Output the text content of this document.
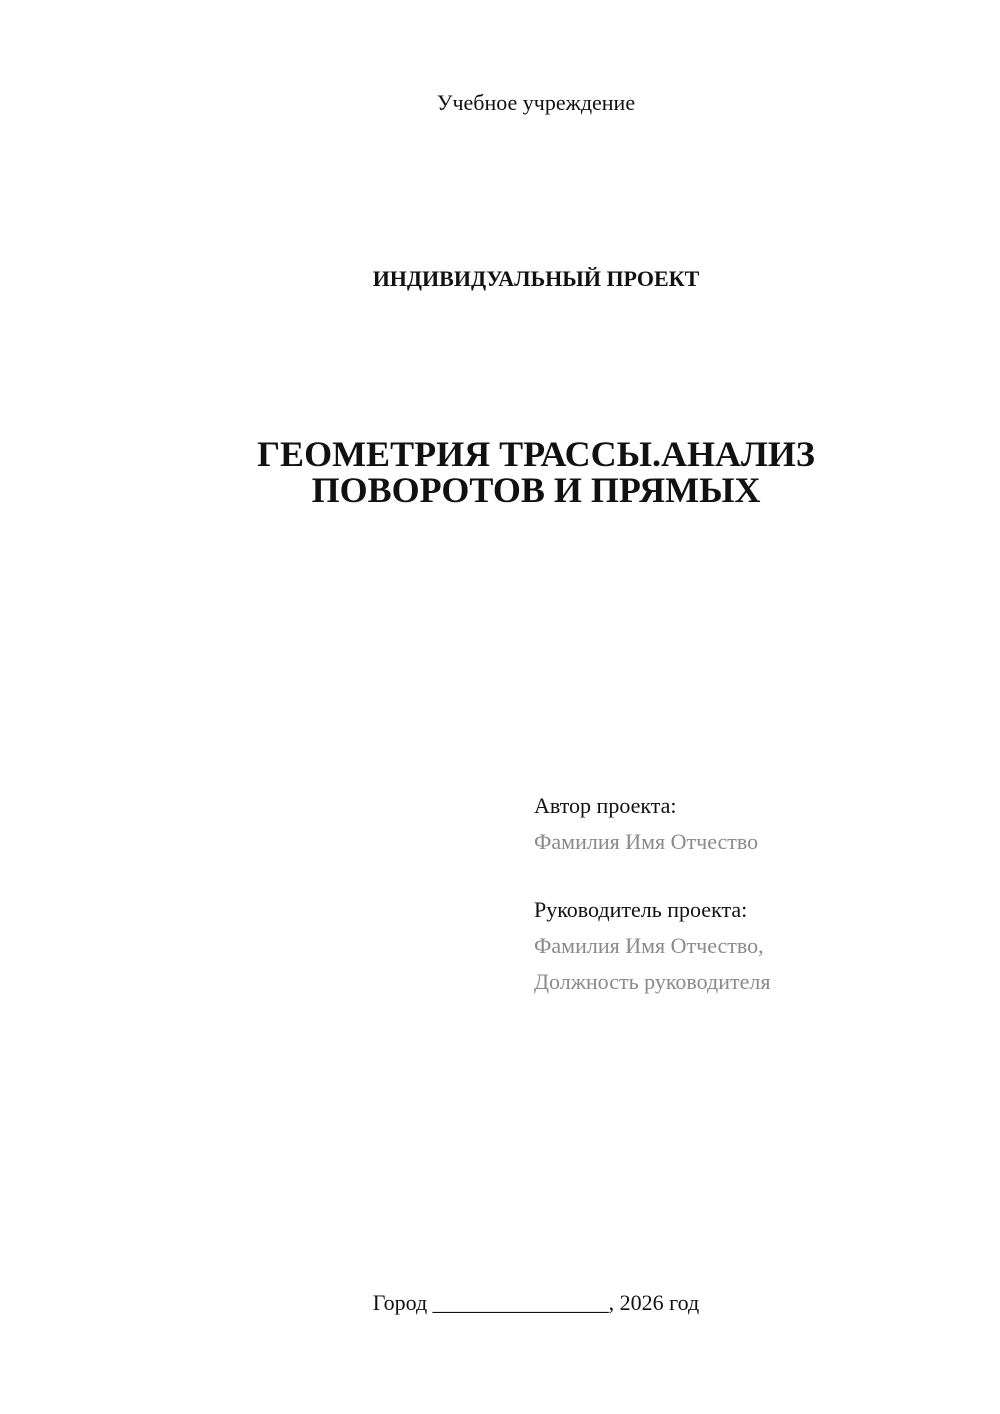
Учебное учреждение
ИНДИВИДУАЛЬНЫЙ ПРОЕКТ
ГЕОМЕТРИЯ ТРАССЫ.АНАЛИЗ
ПОВОРОТОВ И ПРЯМЫХ
Автор проекта:
Фамилия Имя Отчество
Руководитель проекта:
Фамилия Имя Отчество,
Должность руководителя
Город ________________, 2026 год
